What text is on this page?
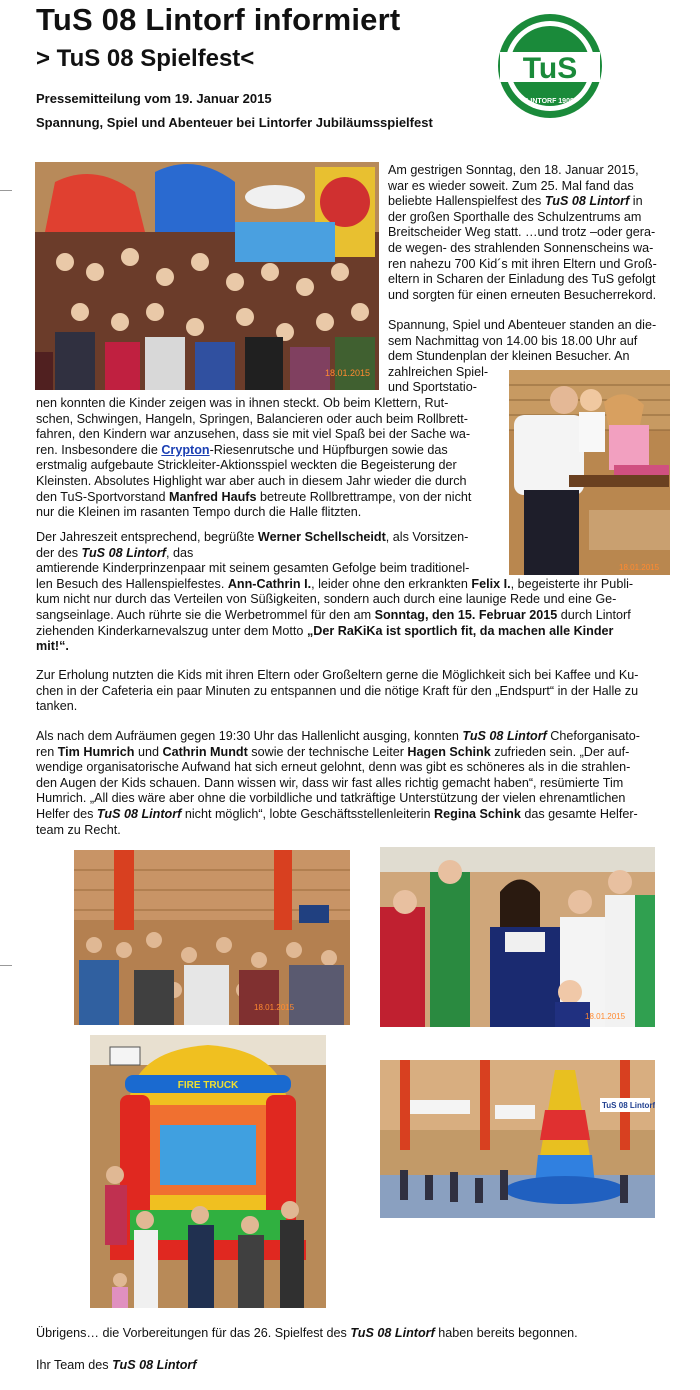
TuS 08 Lintorf informiert
> TuS 08 Spielfest<
Pressemitteilung vom 19. Januar 2015
Spannung, Spiel und Abenteuer bei Lintorfer Jubiläumsspielfest
TuS
LINTORF 1908
18.01.2015
18.01.2015
Am gestrigen Sonntag, den 18. Januar 2015,
war es wieder soweit. Zum 25. Mal fand das
beliebte Hallenspielfest des TuS 08 Lintorf in
der großen Sporthalle des Schulzentrums am
Breitscheider Weg statt. …und trotz –oder gera-
de wegen- des strahlenden Sonnenscheins wa-
ren nahezu 700 Kid´s mit ihren Eltern und Groß-
eltern in Scharen der Einladung des TuS gefolgt
und sorgten für einen erneuten Besucherrekord.
Spannung, Spiel und Abenteuer standen an die-
sem Nachmittag von 14.00 bis 18.00 Uhr auf
dem Stundenplan der kleinen Besucher. An
zahlreichen Spiel-
und Sportstatio-
nen konnten die Kinder zeigen was in ihnen steckt. Ob beim Klettern, Rut-
schen, Schwingen, Hangeln, Springen, Balancieren oder auch beim Rollbrett-
fahren, den Kindern war anzusehen, dass sie mit viel Spaß bei der Sache wa-
ren. Insbesondere die Crypton-Riesenrutsche und Hüpfburgen sowie das
erstmalig aufgebaute Strickleiter-Aktionsspiel weckten die Begeisterung der
Kleinsten. Absolutes Highlight war aber auch in diesem Jahr wieder die durch
den TuS-Sportvorstand Manfred Haufs betreute Rollbrettrampe, von der nicht
nur die Kleinen im rasanten Tempo durch die Halle flitzten.
Der Jahreszeit entsprechend, begrüßte Werner Schellscheidt, als Vorsitzen-
der des TuS 08 Lintorf, das
amtierende Kinderprinzenpaar mit seinem gesamten Gefolge beim traditionel-
len Besuch des Hallenspielfestes. Ann-Cathrin I., leider ohne den erkrankten Felix I., begeisterte ihr Publi-
kum nicht nur durch das Verteilen von Süßigkeiten, sondern auch durch eine launige Rede und eine Ge-
sangseinlage. Auch rührte sie die Werbetrommel für den am Sonntag, den 15. Februar 2015 durch Lintorf
ziehenden Kinderkarnevalszug unter dem Motto „Der RaKiKa ist sportlich fit, da machen alle Kinder
mit!“.
Zur Erholung nutzten die Kids mit ihren Eltern oder Großeltern gerne die Möglichkeit sich bei Kaffee und Ku-
chen in der Cafeteria ein paar Minuten zu entspannen und die nötige Kraft für den „Endspurt“ in der Halle zu
tanken.
Als nach dem Aufräumen gegen 19:30 Uhr das Hallenlicht ausging, konnten TuS 08 Lintorf Cheforganisato-
ren Tim Humrich und Cathrin Mundt sowie der technische Leiter Hagen Schink zufrieden sein. „Der auf-
wendige organisatorische Aufwand hat sich erneut gelohnt, denn was gibt es schöneres als in die strahlen-
den Augen der Kids schauen. Dann wissen wir, dass wir fast alles richtig gemacht haben“, resümierte Tim
Humrich. „All dies wäre aber ohne die vorbildliche und tatkräftige Unterstützung der vielen ehrenamtlichen
Helfer des TuS 08 Lintorf nicht möglich“, lobte Geschäftsstellenleiterin Regina Schink das gesamte Helfer-
team zu Recht.
18.01.2015
18.01.2015
FIRE TRUCK
TuS 08 Lintorf
Übrigens… die Vorbereitungen für das 26. Spielfest des TuS 08 Lintorf haben bereits begonnen.
Ihr Team des TuS 08 Lintorf
